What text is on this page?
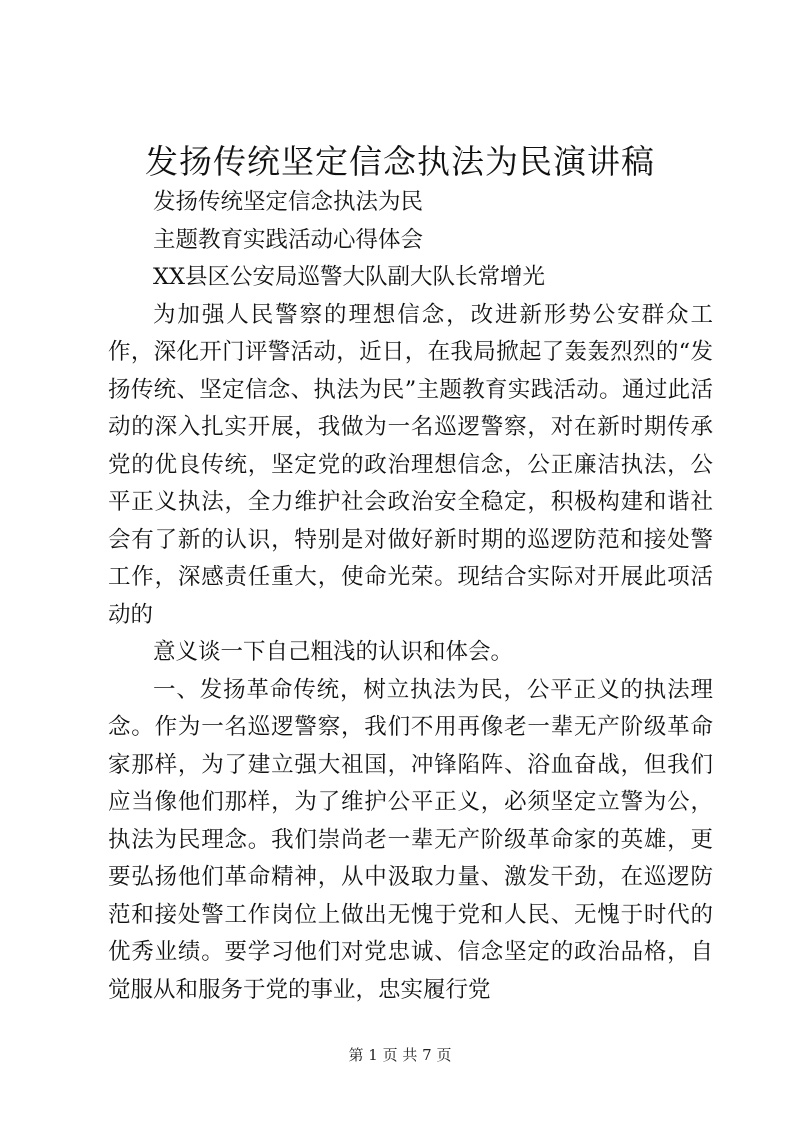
发扬传统坚定信念执法为民演讲稿

发扬传统坚定信念执法为民

主题教育实践活动心得体会

XX县区公安局巡警大队副大队长常增光

为加强人民警察的理想信念，改进新形势公安群众工作，深化开门评警活动，近日，在我局掀起了轰轰烈烈的“发扬传统、坚定信念、执法为民”主题教育实践活动。通过此活动的深入扎实开展，我做为一名巡逻警察，对在新时期传承党的优良传统，坚定党的政治理想信念，公正廉洁执法，公平正义执法，全力维护社会政治安全稳定，积极构建和谐社会有了新的认识，特别是对做好新时期的巡逻防范和接处警工作，深感责任重大，使命光荣。现结合实际对开展此项活动的

意义谈一下自己粗浅的认识和体会。

一、发扬革命传统，树立执法为民，公平正义的执法理念。作为一名巡逻警察，我们不用再像老一辈无产阶级革命家那样，为了建立强大祖国，冲锋陷阵、浴血奋战，但我们应当像他们那样，为了维护公平正义，必须坚定立警为公，执法为民理念。我们崇尚老一辈无产阶级革命家的英雄，更要弘扬他们革命精神，从中汲取力量、激发干劲，在巡逻防范和接处警工作岗位上做出无愧于党和人民、无愧于时代的优秀业绩。要学习他们对党忠诚、信念坚定的政治品格，自觉服从和服务于党的事业，忠实履行党

第 1 页 共 7 页
